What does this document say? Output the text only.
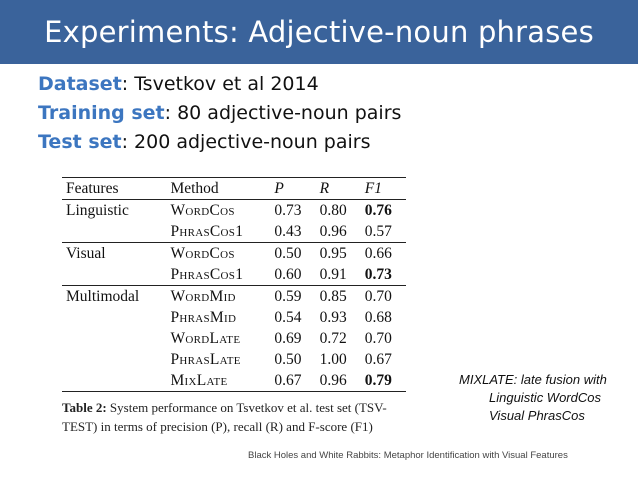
Experiments: Adjective-noun phrases
Dataset: Tsvetkov et al 2014
Training set: 80 adjective-noun pairs
Test set: 200 adjective-noun pairs
Features	Method	P	R	F1
Linguistic	WordCos	0.73	0.80	0.76
	PhrasCos1	0.43	0.96	0.57
Visual	WordCos	0.50	0.95	0.66
	PhrasCos1	0.60	0.91	0.73
Multimodal	WordMid	0.59	0.85	0.70
	PhrasMid	0.54	0.93	0.68
	WordLate	0.69	0.72	0.70
	PhrasLate	0.50	1.00	0.67
	MixLate	0.67	0.96	0.79
Table 2: System performance on Tsvetkov et al. test set (TSV-TEST) in terms of precision (P), recall (R) and F-score (F1)
MIXLATE: late fusion with
Linguistic WordCos
Visual PhrasCos
Black Holes and White Rabbits: Metaphor Identification with Visual Features
